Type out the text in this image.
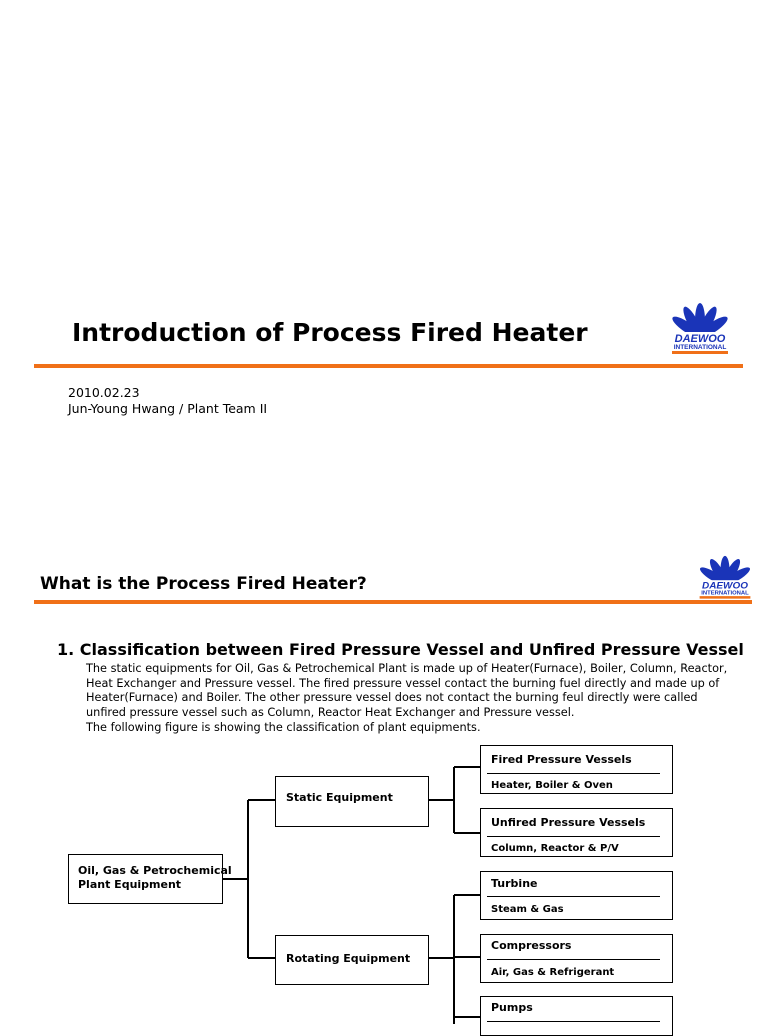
Introduction of Process Fired Heater	DAEWOO
INTERNATIONAL
2010.02.23
Jun-Young Hwang / Plant Team II
What is the Process Fired Heater?	DAEWOO
INTERNATIONAL
1. Classification between Fired Pressure Vessel and Unfired Pressure Vessel

The static equipments for Oil, Gas & Petrochemical Plant is made up of Heater(Furnace), Boiler, Column, Reactor,

Heat Exchanger and Pressure vessel. The fired pressure vessel contact the burning fuel directly and made up of

Heater(Furnace) and Boiler. The other pressure vessel does not contact the burning feul directly were called

unfired pressure vessel such as Column, Reactor Heat Exchanger and Pressure vessel.

The following figure is showing the classification of plant equipments.

Oil, Gas & Petrochemical
Plant Equipment
Static Equipment
Rotating Equipment
Fired Pressure Vessels
Heater, Boiler & Oven
Unfired Pressure Vessels
Column, Reactor & P/V
Turbine
Steam & Gas
Compressors
Air, Gas & Refrigerant
Pumps
